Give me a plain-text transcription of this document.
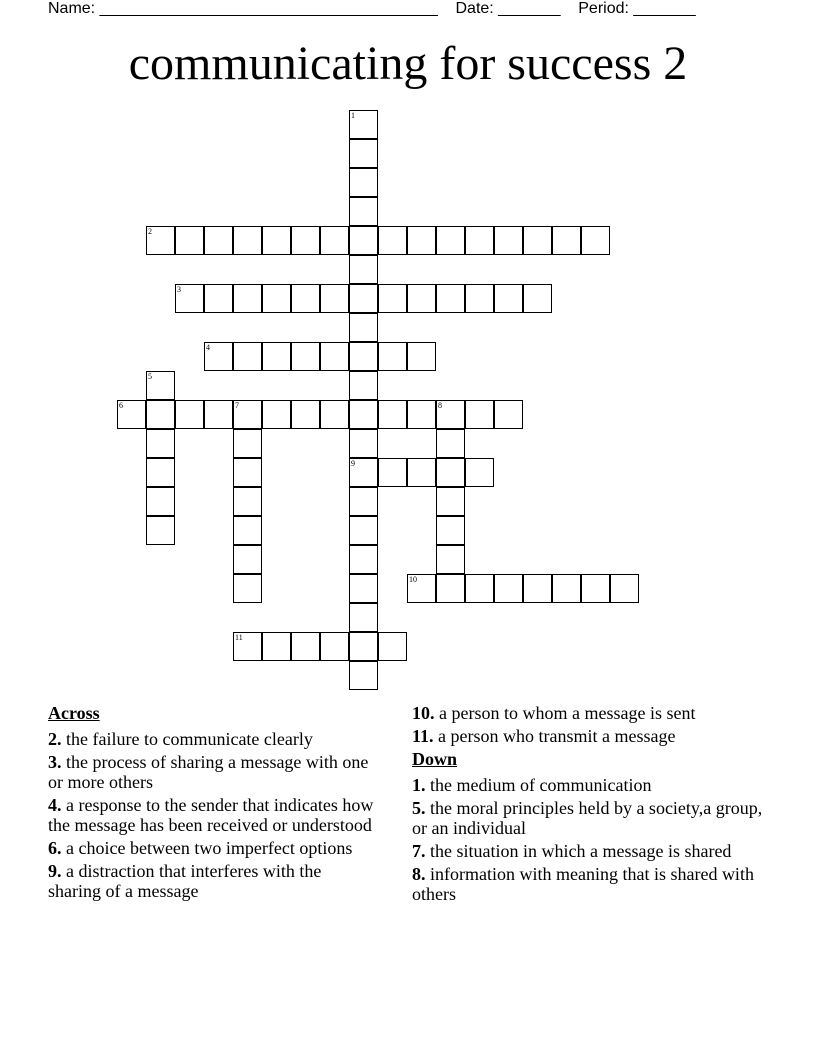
Name: ______________________________________    Date: _______    Period: _______
communicating for success 2
1
2
3
4
5
6	7	8
9
10
11
Across
2. the failure to communicate clearly
3. the process of sharing a message with one or more others
4. a response to the sender that indicates how the message has been received or understood
6. a choice between two imperfect options
9. a distraction that interferes with the sharing of a message
10. a person to whom a message is sent
11. a person who transmit a message
Down
1. the medium of communication
5. the moral principles held by a society,a group, or an individual
7. the situation in which a message is shared
8. information with meaning that is shared with others
